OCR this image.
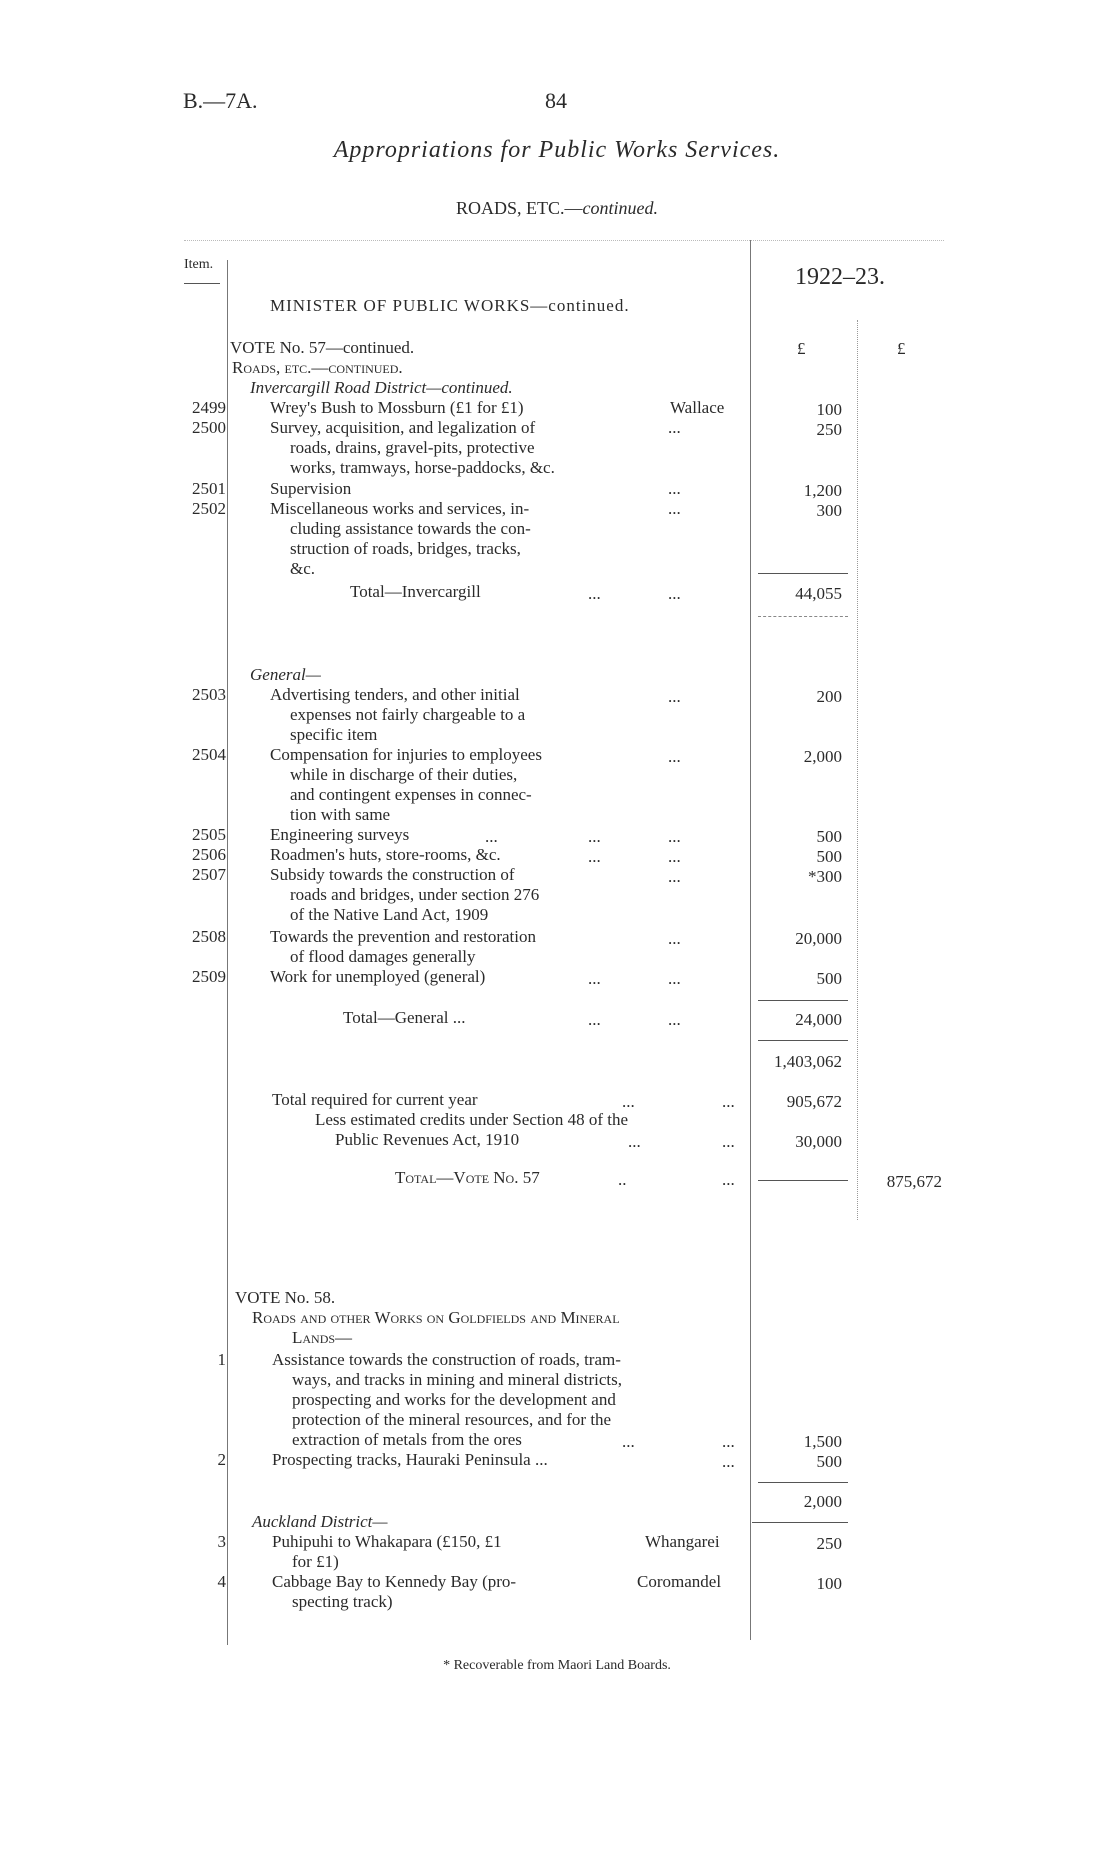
B.—7A.	84
Appropriations for Public Works Services.
ROADS, ETC.—continued.
Item.	1922–23.
£	£
MINISTER OF PUBLIC WORKS—continued.
VOTE No. 57—continued.
Roads, etc.—continued.
Invercargill Road District—continued.
2499	Wrey's Bush to Mossburn (£1 for £1)	Wallace	100
2500	Survey, acquisition, and legalization of
roads, drains, gravel-pits, protective
works, tramways, horse-paddocks, &c.
...	250
2501	Supervision	...	1,200
2502	Miscellaneous works and services, in-
cluding assistance towards the con-
struction of roads, bridges, tracks,
&c.
...	300
Total—Invercargill	...	...	44,055
General—
2503	Advertising tenders, and other initial
expenses not fairly chargeable to a
specific item
...	200
2504	Compensation for injuries to employees
while in discharge of their duties,
and contingent expenses in connec-
tion with same
...	2,000
2505	Engineering surveys	...	...	...	500
2506	Roadmen's huts, store-rooms, &c.	...	...	500
2507	Subsidy towards the construction of
roads and bridges, under section 276
of the Native Land Act, 1909
...	*300
2508	Towards the prevention and restoration
of flood damages generally
...	20,000
2509	Work for unemployed (general)	...	...	500
Total—General ...	...	...	24,000
1,403,062
Total required for current year	...	...	905,672
Less estimated credits under Section 48 of the
Public Revenues Act, 1910	...	...	30,000
Total—Vote No. 57	..	...	875,672
VOTE No. 58.
Roads and other Works on Goldfields and Mineral
Lands—
1	Assistance towards the construction of roads, tram-
ways, and tracks in mining and mineral districts,
prospecting and works for the development and
protection of the mineral resources, and for the
extraction of metals from the ores	...	...	1,500
2	Prospecting tracks, Hauraki Peninsula ...	...	500
2,000
Auckland District—
3	Puhipuhi to Whakapara (£150, £1
for £1)
Whangarei	250
4	Cabbage Bay to Kennedy Bay (pro-
specting track)
Coromandel	100
* Recoverable from Maori Land Boards.
